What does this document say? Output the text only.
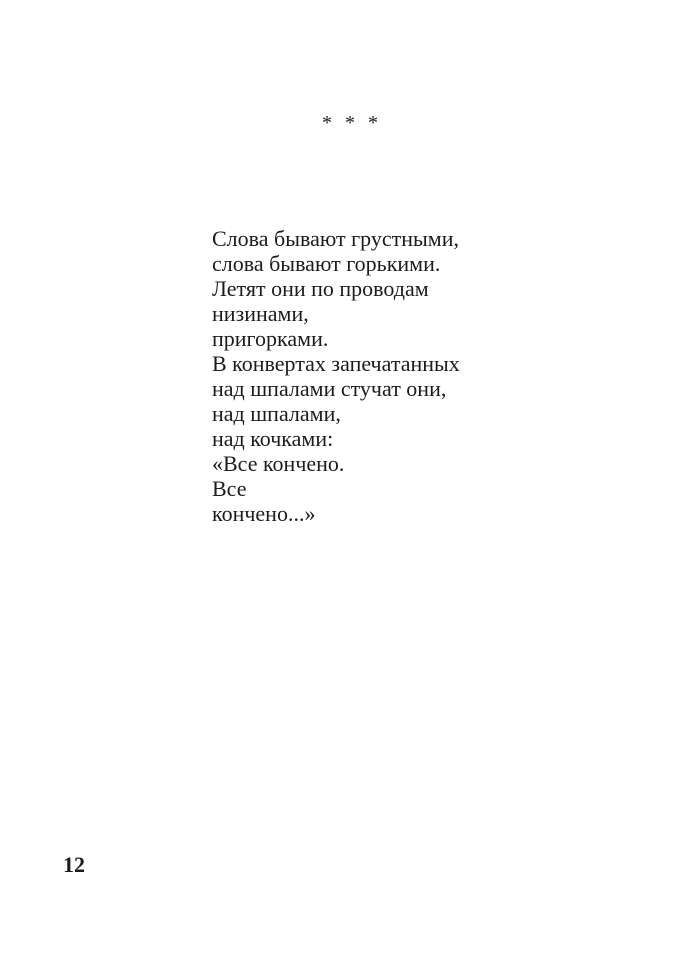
* * *
Слова бывают грустными,
слова бывают горькими.
Летят они по проводам
низинами,
пригорками.
В конвертах запечатанных
над шпалами стучат они,
над шпалами,
над кочками:
«Все кончено.
Все
кончено...»
12
